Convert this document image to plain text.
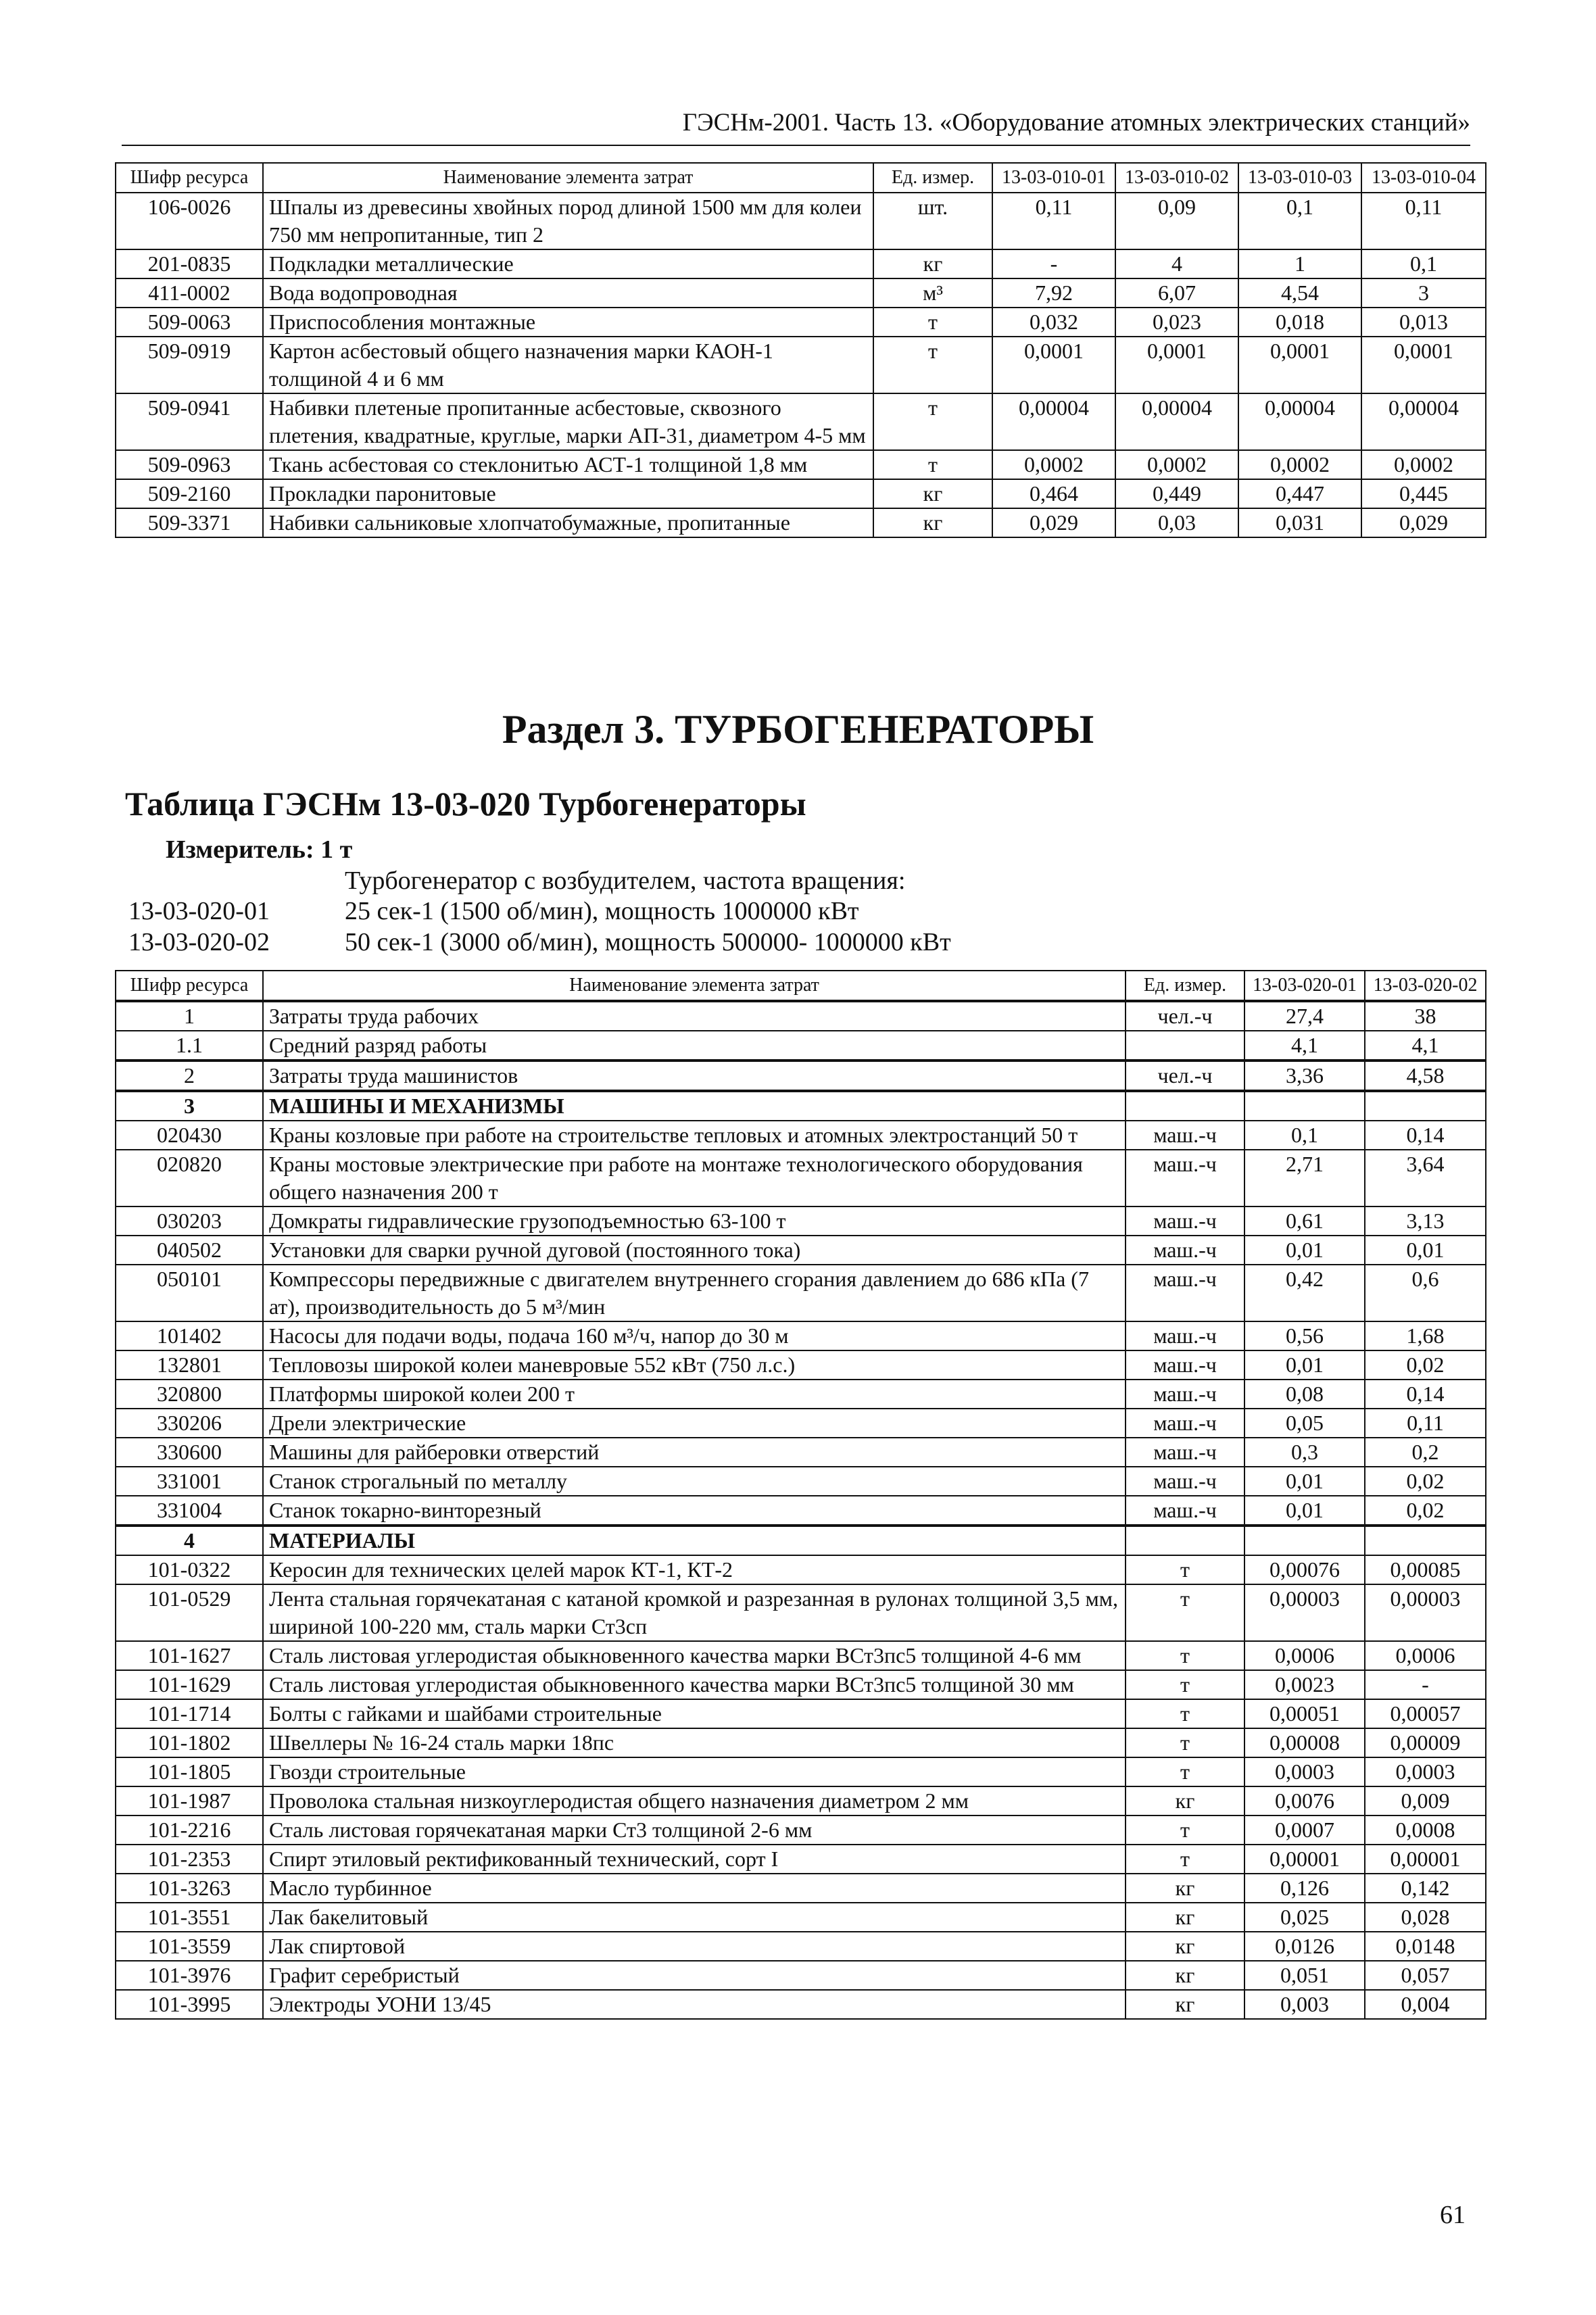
ГЭСНм-2001. Часть 13. «Оборудование атомных электрических станций»
Шифр ресурса	Наименование элемента затрат	Ед. измер.	13-03-010-01	13-03-010-02	13-03-010-03	13-03-010-04
106-0026	Шпалы из древесины хвойных пород длиной 1500 мм для колеи 750 мм непропитанные, тип 2	шт.	0,11	0,09	0,1	0,11
201-0835	Подкладки металлические	кг	-	4	1	0,1
411-0002	Вода водопроводная	м³	7,92	6,07	4,54	3
509-0063	Приспособления монтажные	т	0,032	0,023	0,018	0,013
509-0919	Картон асбестовый общего назначения марки КАОН-1 толщиной 4 и 6 мм	т	0,0001	0,0001	0,0001	0,0001
509-0941	Набивки плетеные пропитанные асбестовые, сквозного плетения, квадратные, круглые, марки АП-31, диаметром 4-5 мм	т	0,00004	0,00004	0,00004	0,00004
509-0963	Ткань асбестовая со стеклонитью АСТ-1 толщиной 1,8 мм	т	0,0002	0,0002	0,0002	0,0002
509-2160	Прокладки паронитовые	кг	0,464	0,449	0,447	0,445
509-3371	Набивки сальниковые хлопчатобумажные, пропитанные	кг	0,029	0,03	0,031	0,029
Раздел 3. ТУРБОГЕНЕРАТОРЫ
Таблица ГЭСНм 13-03-020 Турбогенераторы
Измеритель: 1 т
Турбогенератор с возбудителем, частота вращения:
13-03-020-01	25 сек-1 (1500 об/мин), мощность 1000000 кВт
13-03-020-02	50 сек-1 (3000 об/мин), мощность 500000- 1000000 кВт
Шифр ресурса	Наименование элемента затрат	Ед. измер.	13-03-020-01	13-03-020-02
1	Затраты труда рабочих	чел.-ч	27,4	38
1.1	Средний разряд работы		4,1	4,1
2	Затраты труда машинистов	чел.-ч	3,36	4,58
3	МАШИНЫ И МЕХАНИЗМЫ			
020430	Краны козловые при работе на строительстве тепловых и атомных электростанций 50 т	маш.-ч	0,1	0,14
020820	Краны мостовые электрические при работе на монтаже технологического оборудования общего назначения 200 т	маш.-ч	2,71	3,64
030203	Домкраты гидравлические грузоподъемностью 63-100 т	маш.-ч	0,61	3,13
040502	Установки для сварки ручной дуговой (постоянного тока)	маш.-ч	0,01	0,01
050101	Компрессоры передвижные с двигателем внутреннего сгорания давлением до 686 кПа (7 ат), производительность до 5 м³/мин	маш.-ч	0,42	0,6
101402	Насосы для подачи воды, подача 160 м³/ч, напор до 30 м	маш.-ч	0,56	1,68
132801	Тепловозы широкой колеи маневровые 552 кВт (750 л.с.)	маш.-ч	0,01	0,02
320800	Платформы широкой колеи 200 т	маш.-ч	0,08	0,14
330206	Дрели электрические	маш.-ч	0,05	0,11
330600	Машины для райберовки отверстий	маш.-ч	0,3	0,2
331001	Станок строгальный по металлу	маш.-ч	0,01	0,02
331004	Станок токарно-винторезный	маш.-ч	0,01	0,02
4	МАТЕРИАЛЫ			
101-0322	Керосин для технических целей марок КТ-1, КТ-2	т	0,00076	0,00085
101-0529	Лента стальная горячекатаная с катаной кромкой и разрезанная в рулонах толщиной 3,5 мм, шириной 100-220 мм, сталь марки Ст3сп	т	0,00003	0,00003
101-1627	Сталь листовая углеродистая обыкновенного качества марки ВСт3пс5 толщиной 4-6 мм	т	0,0006	0,0006
101-1629	Сталь листовая углеродистая обыкновенного качества марки ВСт3пс5 толщиной 30 мм	т	0,0023	-
101-1714	Болты с гайками и шайбами строительные	т	0,00051	0,00057
101-1802	Швеллеры № 16-24 сталь марки 18пс	т	0,00008	0,00009
101-1805	Гвозди строительные	т	0,0003	0,0003
101-1987	Проволока стальная низкоуглеродистая общего назначения диаметром 2 мм	кг	0,0076	0,009
101-2216	Сталь листовая горячекатаная марки Ст3 толщиной 2-6 мм	т	0,0007	0,0008
101-2353	Спирт этиловый ректификованный технический, сорт I	т	0,00001	0,00001
101-3263	Масло турбинное	кг	0,126	0,142
101-3551	Лак бакелитовый	кг	0,025	0,028
101-3559	Лак спиртовой	кг	0,0126	0,0148
101-3976	Графит серебристый	кг	0,051	0,057
101-3995	Электроды УОНИ 13/45	кг	0,003	0,004
61
